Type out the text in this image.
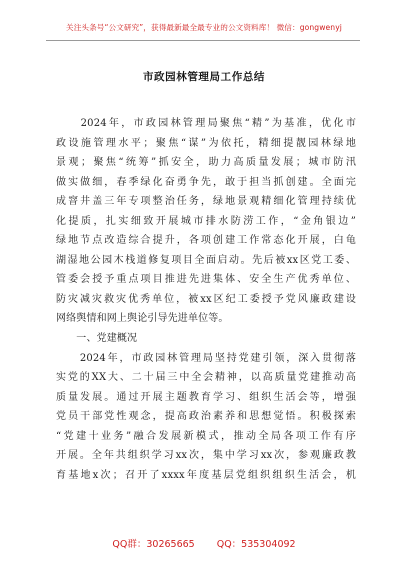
关注头条号“公文研究”，获得最新最全最专业的公文资料库！ 微信：gongwenyj
市政园林管理局工作总结
　　2024年，市政园林管理局聚焦“精”为基准，优化市
政设施管理水平；聚焦“谋”为依托，精细提靓园林绿地
景观；聚焦“统筹”抓安全，助力高质量发展；城市防汛
做实做细，春季绿化奋勇争先，敢于担当抓创建。全面完
成窨井盖三年专项整治任务，绿地景观精细化管理持续优
化提质，扎实细致开展城市排水防涝工作，“金角银边”
绿地节点改造综合提升，各项创建工作常态化开展，白龟
湖湿地公园木栈道修复项目全面启动。先后被xx区党工委、
管委会授予重点项目推进先进集体、安全生产优秀单位、
防灾减灾救灾优秀单位，被xx区纪工委授予党风廉政建设
网络舆情和网上舆论引导先进单位等。
　　一、党建概况
　　2024年，市政园林管理局坚持党建引领，深入贯彻落
实党的XX大、二十届三中全会精神，以高质量党建推动高
质量发展。通过开展主题教育学习、组织生活会等，增强
党员干部党性观念，提高政治素养和思想觉悟。积极探索
“党建十业务”融合发展新模式，推动全局各项工作有序
开展。全年共组织学习xx次，集中学习xx次，参观廉政教
育基地x次；召开了xxxx年度基层党组织组织生活会，机
QQ群：30265665 QQ：535304092
